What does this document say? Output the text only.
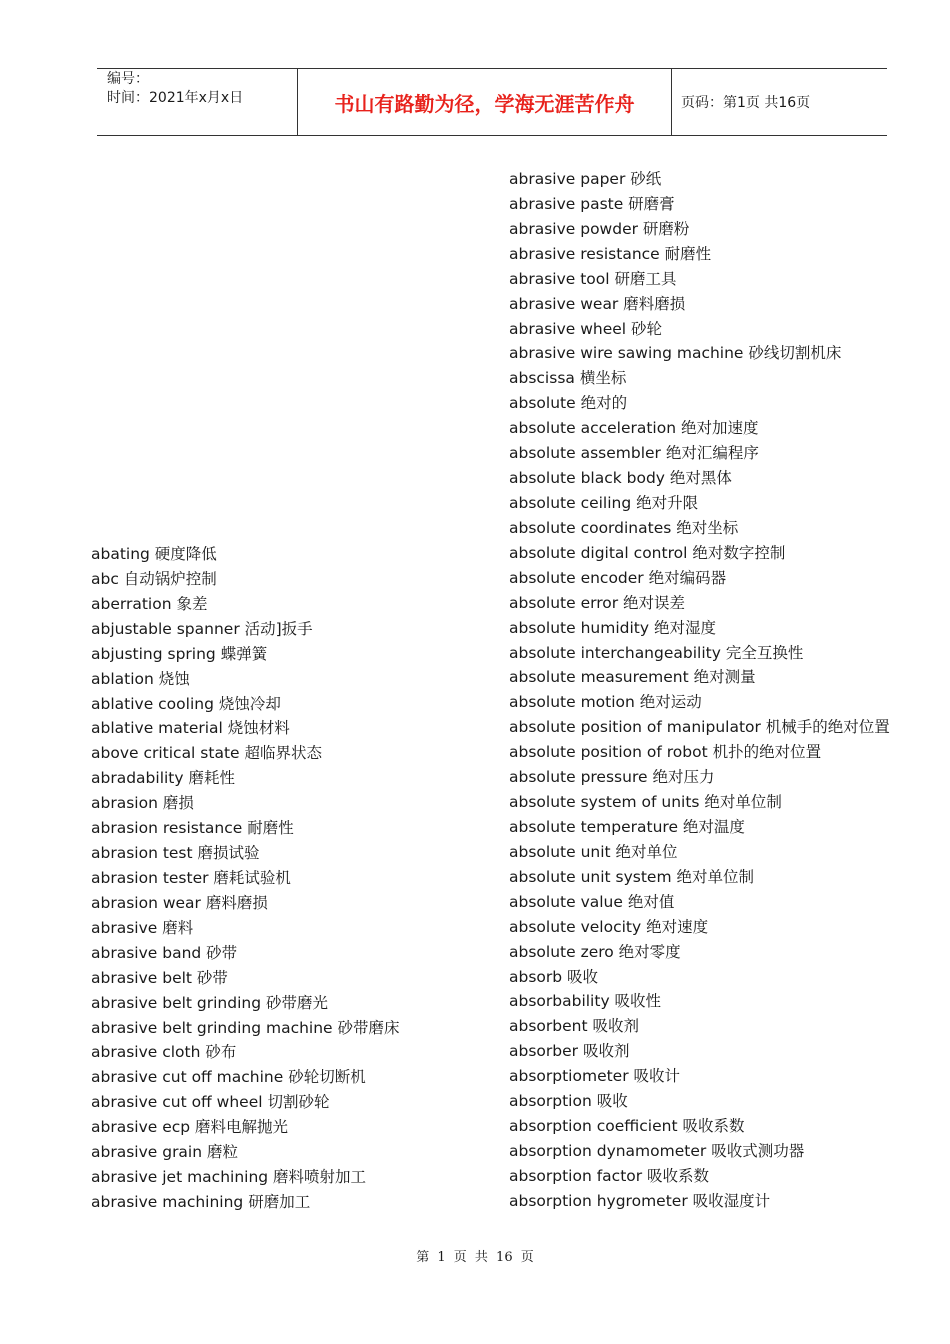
编号：
时间：2021年x月x日	书山有路勤为径，学海无涯苦作舟	页码：第1页 共16页
abating 硬度降低
abc 自动锅炉控制
aberration 象差
abjustable spanner 活动]扳手
abjusting spring 蝶弹簧
ablation 烧蚀
ablative cooling 烧蚀冷却
ablative material 烧蚀材料
above critical state 超临界状态
abradability 磨耗性
abrasion 磨损
abrasion resistance 耐磨性
abrasion test 磨损试验
abrasion tester 磨耗试验机
abrasion wear 磨料磨损
abrasive 磨料
abrasive band 砂带
abrasive belt 砂带
abrasive belt grinding 砂带磨光
abrasive belt grinding machine 砂带磨床
abrasive cloth 砂布
abrasive cut off machine 砂轮切断机
abrasive cut off wheel 切割砂轮
abrasive ecp 磨料电解抛光
abrasive grain 磨粒
abrasive jet machining 磨料喷射加工
abrasive machining 研磨加工
abrasive paper 砂纸
abrasive paste 研磨膏
abrasive powder 研磨粉
abrasive resistance 耐磨性
abrasive tool 研磨工具
abrasive wear 磨料磨损
abrasive wheel 砂轮
abrasive wire sawing machine 砂线切割机床
abscissa 横坐标
absolute 绝对的
absolute acceleration 绝对加速度
absolute assembler 绝对汇编程序
absolute black body 绝对黑体
absolute ceiling 绝对升限
absolute coordinates 绝对坐标
absolute digital control 绝对数字控制
absolute encoder 绝对编码器
absolute error 绝对误差
absolute humidity 绝对湿度
absolute interchangeability 完全互换性
absolute measurement 绝对测量
absolute motion 绝对运动
absolute position of manipulator 机械手的绝对位置
absolute position of robot 机扑的绝对位置
absolute pressure 绝对压力
absolute system of units 绝对单位制
absolute temperature 绝对温度
absolute unit 绝对单位
absolute unit system 绝对单位制
absolute value 绝对值
absolute velocity 绝对速度
absolute zero 绝对零度
absorb 吸收
absorbability 吸收性
absorbent 吸收剂
absorber 吸收剂
absorptiometer 吸收计
absorption 吸收
absorption coefficient 吸收系数
absorption dynamometer 吸收式测功器
absorption factor 吸收系数
absorption hygrometer 吸收湿度计
第 1 页 共 16 页
